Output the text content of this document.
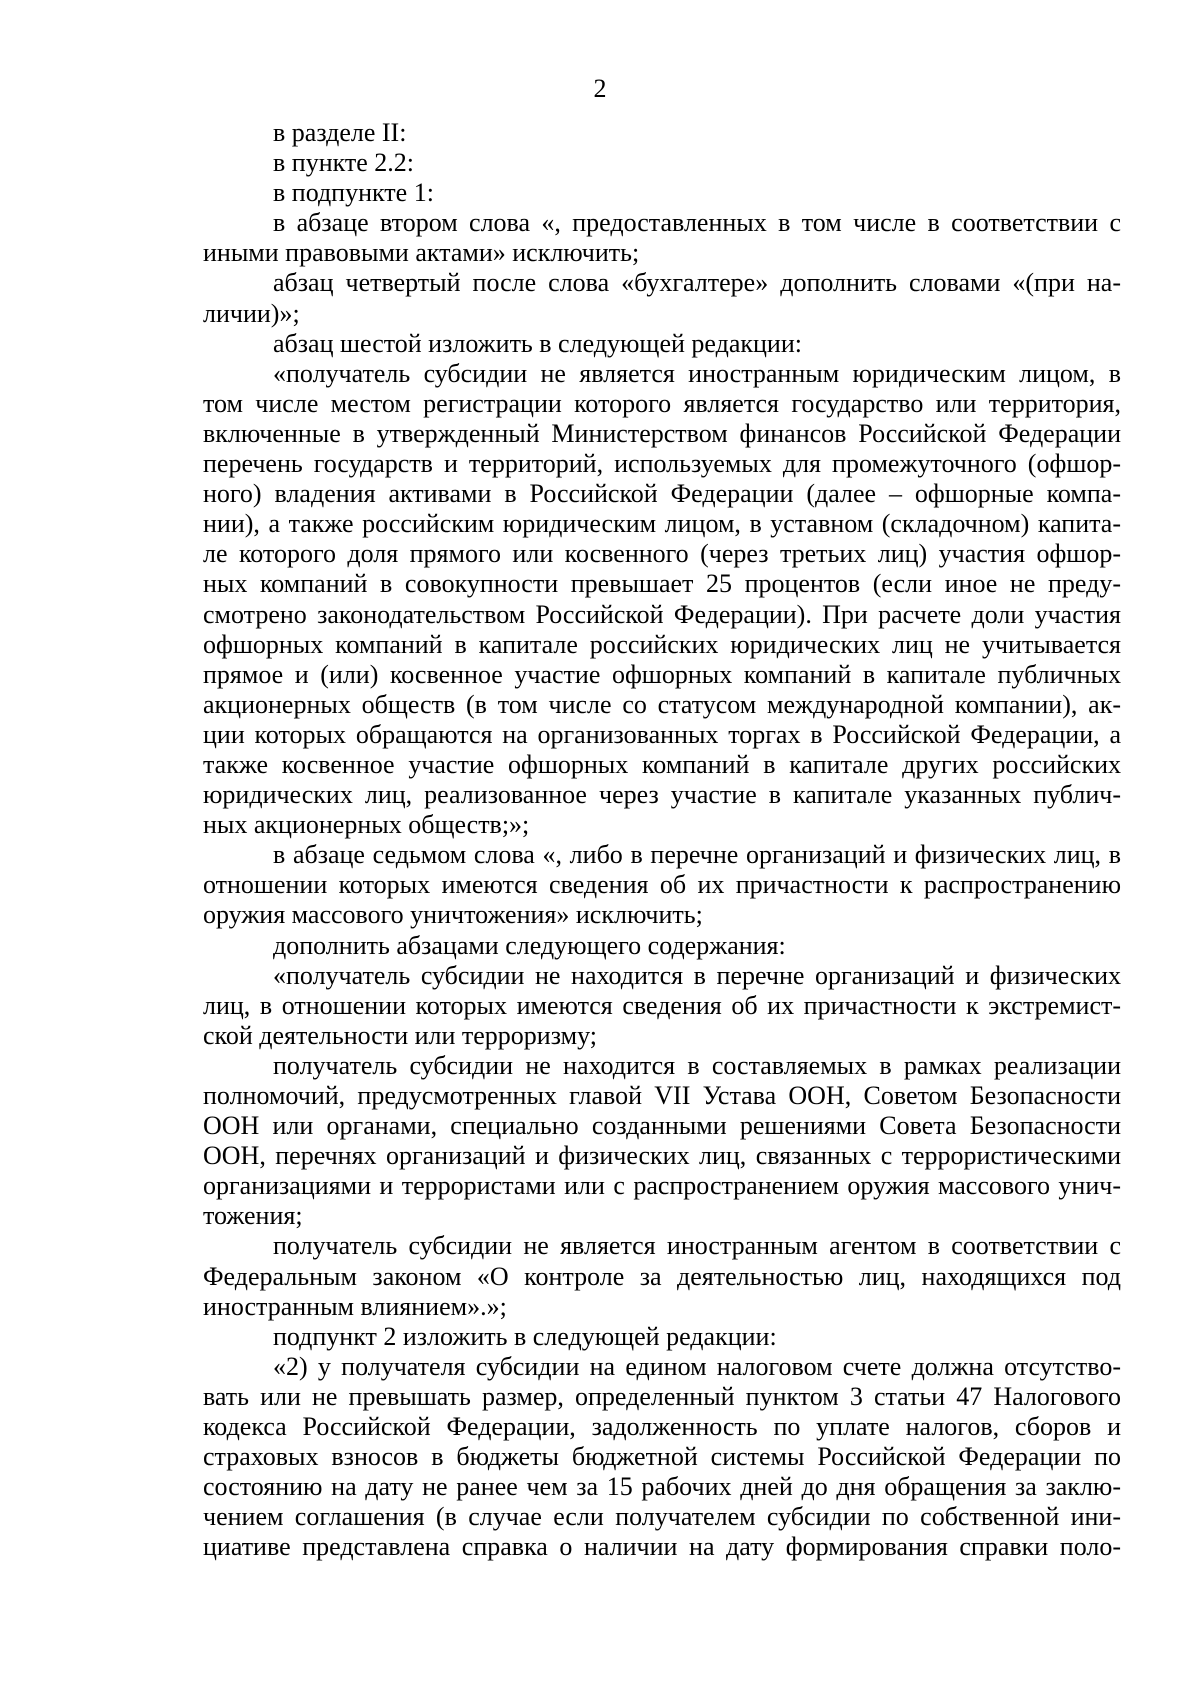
2
в разделе II:
в пункте 2.2:
в подпункте 1:
в абзаце втором слова «, предоставленных в том числе в соответствии с
иными правовыми актами» исключить;
абзац четвертый после слова «бухгалтере» дополнить словами «(при на-
личии)»;
абзац шестой изложить в следующей редакции:
«получатель субсидии не является иностранным юридическим лицом, в
том числе местом регистрации которого является государство или территория,
включенные в утвержденный Министерством финансов Российской Федерации
перечень государств и территорий, используемых для промежуточного (офшор-
ного) владения активами в Российской Федерации (далее – офшорные компа-
нии), а также российским юридическим лицом, в уставном (складочном) капита-
ле которого доля прямого или косвенного (через третьих лиц) участия офшор-
ных компаний в совокупности превышает 25 процентов (если иное не преду-
смотрено законодательством Российской Федерации). При расчете доли участия
офшорных компаний в капитале российских юридических лиц не учитывается
прямое и (или) косвенное участие офшорных компаний в капитале публичных
акционерных обществ (в том числе со статусом международной компании), ак-
ции которых обращаются на организованных торгах в Российской Федерации, а
также косвенное участие офшорных компаний в капитале других российских
юридических лиц, реализованное через участие в капитале указанных публич-
ных акционерных обществ;»;
в абзаце седьмом слова «, либо в перечне организаций и физических лиц, в
отношении которых имеются сведения об их причастности к распространению
оружия массового уничтожения» исключить;
дополнить абзацами следующего содержания:
«получатель субсидии не находится в перечне организаций и физических
лиц, в отношении которых имеются сведения об их причастности к экстремист-
ской деятельности или терроризму;
получатель субсидии не находится в составляемых в рамках реализации
полномочий, предусмотренных главой VII Устава ООН, Советом Безопасности
ООН или органами, специально созданными решениями Совета Безопасности
ООН, перечнях организаций и физических лиц, связанных с террористическими
организациями и террористами или с распространением оружия массового унич-
тожения;
получатель субсидии не является иностранным агентом в соответствии с
Федеральным законом «О контроле за деятельностью лиц, находящихся под
иностранным влиянием».»;
подпункт 2 изложить в следующей редакции:
«2) у получателя субсидии на едином налоговом счете должна отсутство-
вать или не превышать размер, определенный пунктом 3 статьи 47 Налогового
кодекса Российской Федерации, задолженность по уплате налогов, сборов и
страховых взносов в бюджеты бюджетной системы Российской Федерации по
состоянию на дату не ранее чем за 15 рабочих дней до дня обращения за заклю-
чением соглашения (в случае если получателем субсидии по собственной ини-
циативе представлена справка о наличии на дату формирования справки поло-
